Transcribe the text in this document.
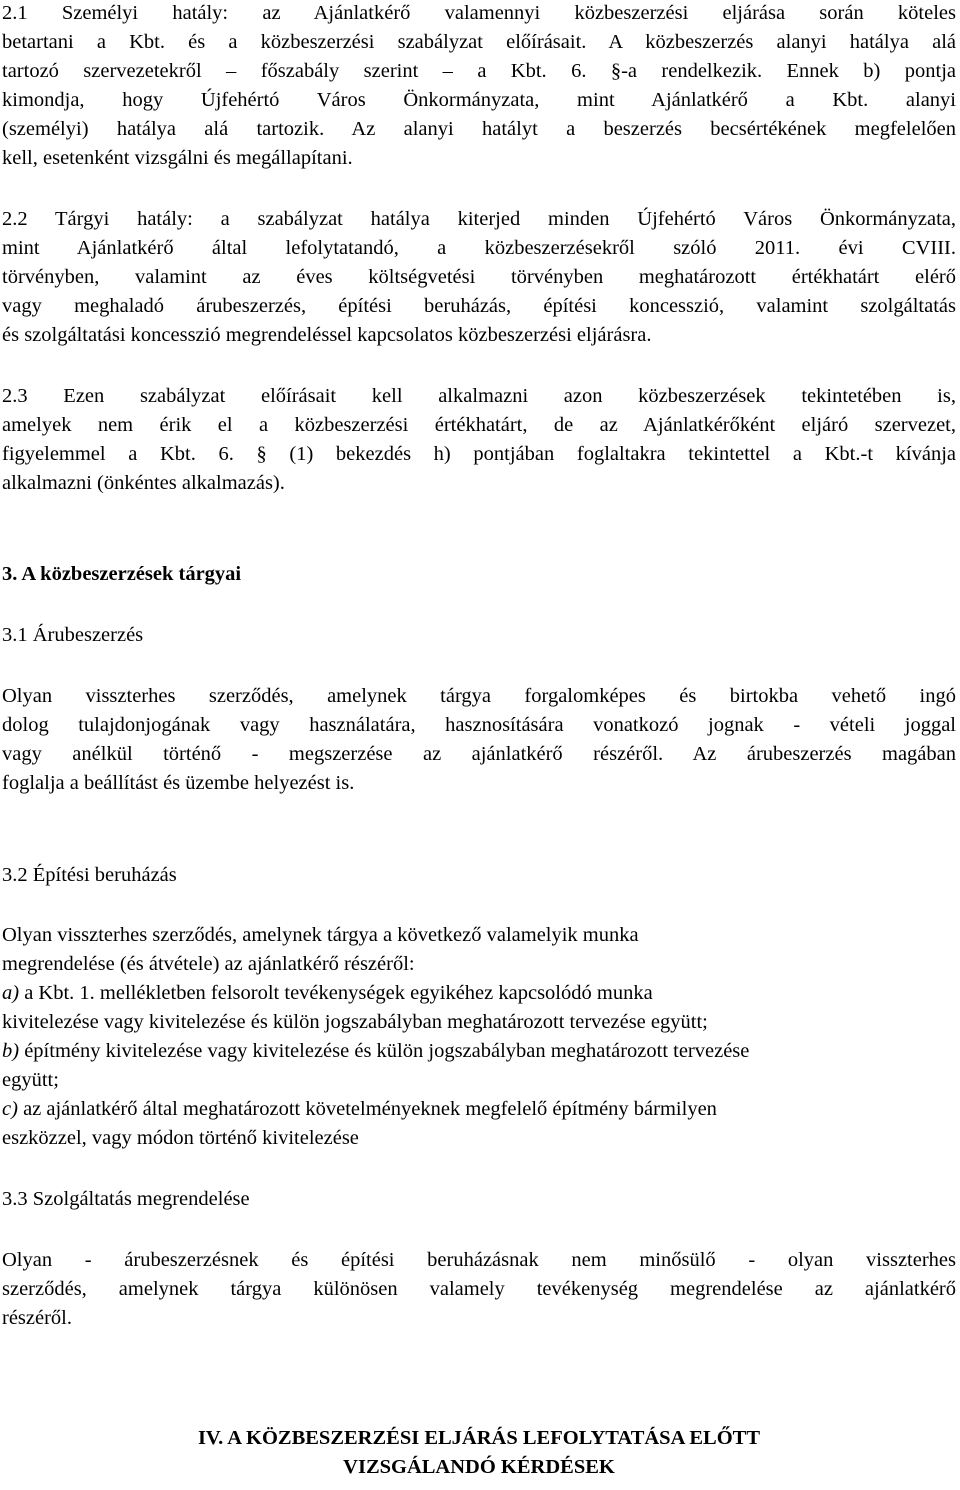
2.1 Személyi hatály: az Ajánlatkérő valamennyi közbeszerzési eljárása során köteles
betartani a Kbt. és a közbeszerzési szabályzat előírásait. A közbeszerzés alanyi hatálya alá
tartozó szervezetekről – főszabály szerint – a Kbt. 6. §-a rendelkezik. Ennek b) pontja
kimondja, hogy Újfehértó Város Önkormányzata, mint Ajánlatkérő a Kbt. alanyi
(személyi) hatálya alá tartozik. Az alanyi hatályt a beszerzés becsértékének megfelelően
kell, esetenként vizsgálni és megállapítani.
2.2 Tárgyi hatály: a szabályzat hatálya kiterjed minden Újfehértó Város Önkormányzata,
mint Ajánlatkérő által lefolytatandó, a közbeszerzésekről szóló 2011. évi CVIII.
törvényben, valamint az éves költségvetési törvényben meghatározott értékhatárt elérő
vagy meghaladó árubeszerzés, építési beruházás, építési koncesszió, valamint szolgáltatás
és szolgáltatási koncesszió megrendeléssel kapcsolatos közbeszerzési eljárásra.
2.3 Ezen szabályzat előírásait kell alkalmazni azon közbeszerzések tekintetében is,
amelyek nem érik el a közbeszerzési értékhatárt, de az Ajánlatkérőként eljáró szervezet,
figyelemmel a Kbt. 6. § (1) bekezdés h) pontjában foglaltakra tekintettel a Kbt.-t kívánja
alkalmazni (önkéntes alkalmazás).
3. A közbeszerzések tárgyai
3.1 Árubeszerzés
Olyan visszterhes szerződés, amelynek tárgya forgalomképes és birtokba vehető ingó
dolog tulajdonjogának vagy használatára, hasznosítására vonatkozó jognak - vételi joggal
vagy anélkül történő - megszerzése az ajánlatkérő részéről. Az árubeszerzés magában
foglalja a beállítást és üzembe helyezést is.
3.2 Építési beruházás
Olyan visszterhes szerződés, amelynek tárgya a következő valamelyik munka
megrendelése (és átvétele) az ajánlatkérő részéről:
a) a Kbt. 1. mellékletben felsorolt tevékenységek egyikéhez kapcsolódó munka
kivitelezése vagy kivitelezése és külön jogszabályban meghatározott tervezése együtt;
b) építmény kivitelezése vagy kivitelezése és külön jogszabályban meghatározott tervezése
együtt;
c) az ajánlatkérő által meghatározott követelményeknek megfelelő építmény bármilyen
eszközzel, vagy módon történő kivitelezése
3.3 Szolgáltatás megrendelése
Olyan - árubeszerzésnek és építési beruházásnak nem minősülő - olyan visszterhes
szerződés, amelynek tárgya különösen valamely tevékenység megrendelése az ajánlatkérő
részéről.
IV. A KÖZBESZERZÉSI ELJÁRÁS LEFOLYTATÁSA ELŐTT
VIZSGÁLANDÓ KÉRDÉSEK
